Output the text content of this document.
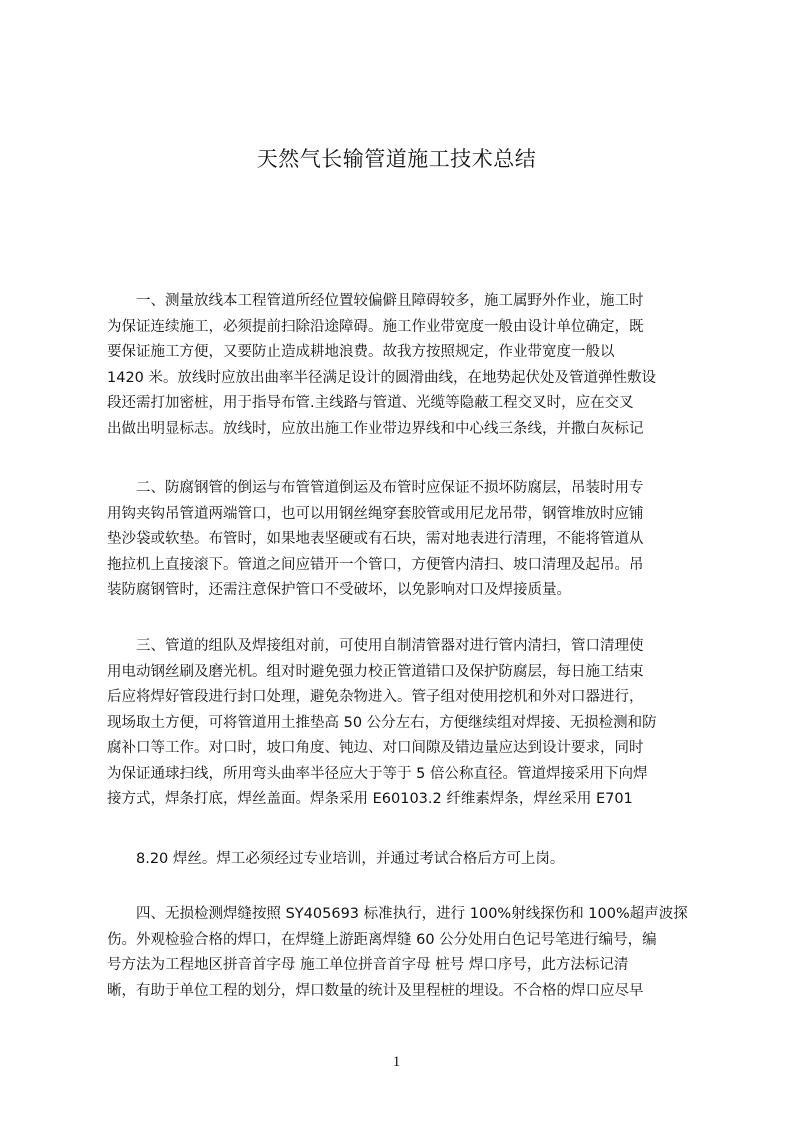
天然气长输管道施工技术总结
　　一、测量放线本工程管道所经位置较偏僻且障碍较多，施工属野外作业，施工时
为保证连续施工，必须提前扫除沿途障碍。施工作业带宽度一般由设计单位确定，既
要保证施工方便，又要防止造成耕地浪费。故我方按照规定，作业带宽度一般以
1420 米。放线时应放出曲率半径满足设计的圆滑曲线，在地势起伏处及管道弹性敷设
段还需打加密桩，用于指导布管.主线路与管道、光缆等隐蔽工程交叉时，应在交叉
出做出明显标志。放线时，应放出施工作业带边界线和中心线三条线，并撒白灰标记
　　二、防腐钢管的倒运与布管管道倒运及布管时应保证不损坏防腐层，吊装时用专
用钩夹钩吊管道两端管口，也可以用钢丝绳穿套胶管或用尼龙吊带，钢管堆放时应铺
垫沙袋或软垫。布管时，如果地表坚硬或有石块，需对地表进行清理，不能将管道从
拖拉机上直接滚下。管道之间应错开一个管口，方便管内清扫、坡口清理及起吊。吊
装防腐钢管时，还需注意保护管口不受破坏，以免影响对口及焊接质量。
　　三、管道的组队及焊接组对前，可使用自制清管器对进行管内清扫，管口清理使
用电动钢丝刷及磨光机。组对时避免强力校正管道错口及保护防腐层，每日施工结束
后应将焊好管段进行封口处理，避免杂物进入。管子组对使用挖机和外对口器进行，
现场取土方便，可将管道用土推垫高 50 公分左右，方便继续组对焊接、无损检测和防
腐补口等工作。对口时，坡口角度、钝边、对口间隙及错边量应达到设计要求，同时
为保证通球扫线，所用弯头曲率半径应大于等于 5 倍公称直径。管道焊接采用下向焊
接方式，焊条打底，焊丝盖面。焊条采用 E60103.2 纤维素焊条，焊丝采用 E701
　　8.20 焊丝。焊工必须经过专业培训，并通过考试合格后方可上岗。
　　四、无损检测焊缝按照 SY405693 标准执行，进行 100%射线探伤和 100%超声波探
伤。外观检验合格的焊口，在焊缝上游距离焊缝 60 公分处用白色记号笔进行编号，编
号方法为工程地区拼音首字母 施工单位拼音首字母 桩号 焊口序号，此方法标记清
晰，有助于单位工程的划分，焊口数量的统计及里程桩的埋设。不合格的焊口应尽早
1
